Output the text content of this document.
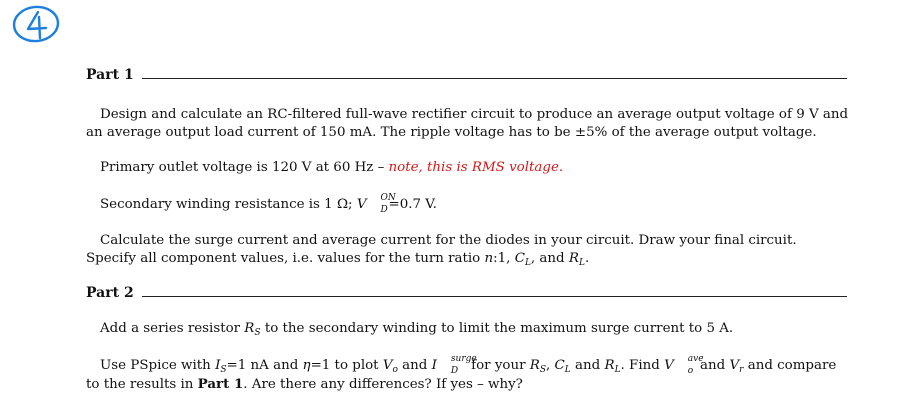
Part 1
Design and calculate an RC-filtered full-wave rectifier circuit to produce an average output voltage of 9 V and an average output load current of 150 mA. The ripple voltage has to be ±5% of the average output voltage.
Primary outlet voltage is 120 V at 60 Hz – note, this is RMS voltage.
Secondary winding resistance is 1 Ω; V	ON
D =0.7 V.
Calculate the surge current and average current for the diodes in your circuit. Draw your final circuit. Specify all component values, i.e. values for the turn ratio n:1, $C_L$, and $R_L$.
Part 2
Add a series resistor $R_S$ to the secondary winding to limit the maximum surge current to 5 A.
Use PSpice with $I_S=1$ nA and η=1 to plot $V_o$ and I	surge
D for your $R_S$, $C_L$ and $R_L$. Find V	ave
o and $V_r$ and compare to the results in Part 1. Are there any differences? If yes – why?
